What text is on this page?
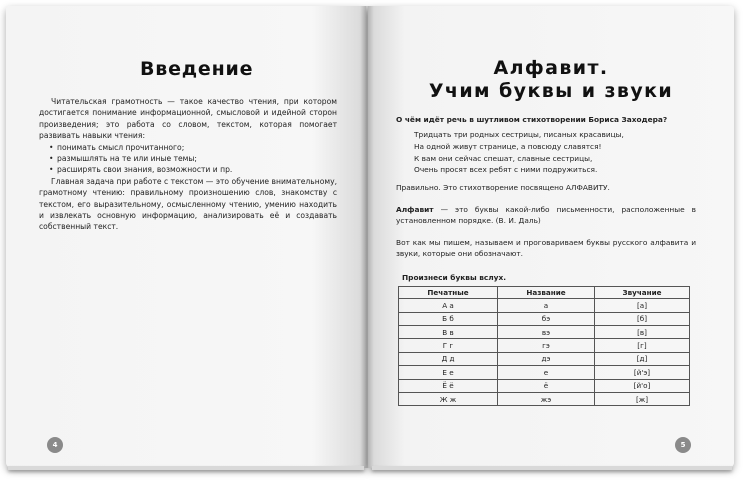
Введение

Читательская грамотность — такое качество чтения, при котором достигается понимание информационной, смысловой и идейной сторон произведения; это работа со словом, текстом, которая помогает развивать навыки чтения:

• понимать смысл прочитанного;
• размышлять на те или иные темы;
• расширять свои знания, возможности и пр.

Главная задача при работе с текстом — это обучение внимательному, грамотному чтению: правильному произношению слов, знакомству с текстом, его выразительному, осмысленному чтению, умению находить и извлекать основную информацию, анализировать её и создавать собственный текст.

4
Алфавит.
Учим буквы и звуки

О чём идёт речь в шутливом стихотворении Бориса Заходера?

Тридцать три родных сестрицы, писаных красавицы,
На одной живут странице, а повсюду славятся!
К вам они сейчас спешат, славные сестрицы,
Очень просят всех ребят с ними подружиться.

Правильно. Это стихотворение посвящено АЛФАВИТУ.

Алфавит — это буквы какой-либо письменности, расположенные в установленном порядке. (В. И. Даль)

Вот как мы пишем, называем и проговариваем буквы русского алфавита и звуки, которые они обозначают.

Произнеси буквы вслух.

Печатные	Название	Звучание
А а	а	[а]
Б б	бэ	[б]
В в	вэ	[в]
Г г	гэ	[г]
Д д	дэ	[д]
Е е	е	[й'э]
Ё ё	ё	[й'о]
Ж ж	жэ	[ж]
5
